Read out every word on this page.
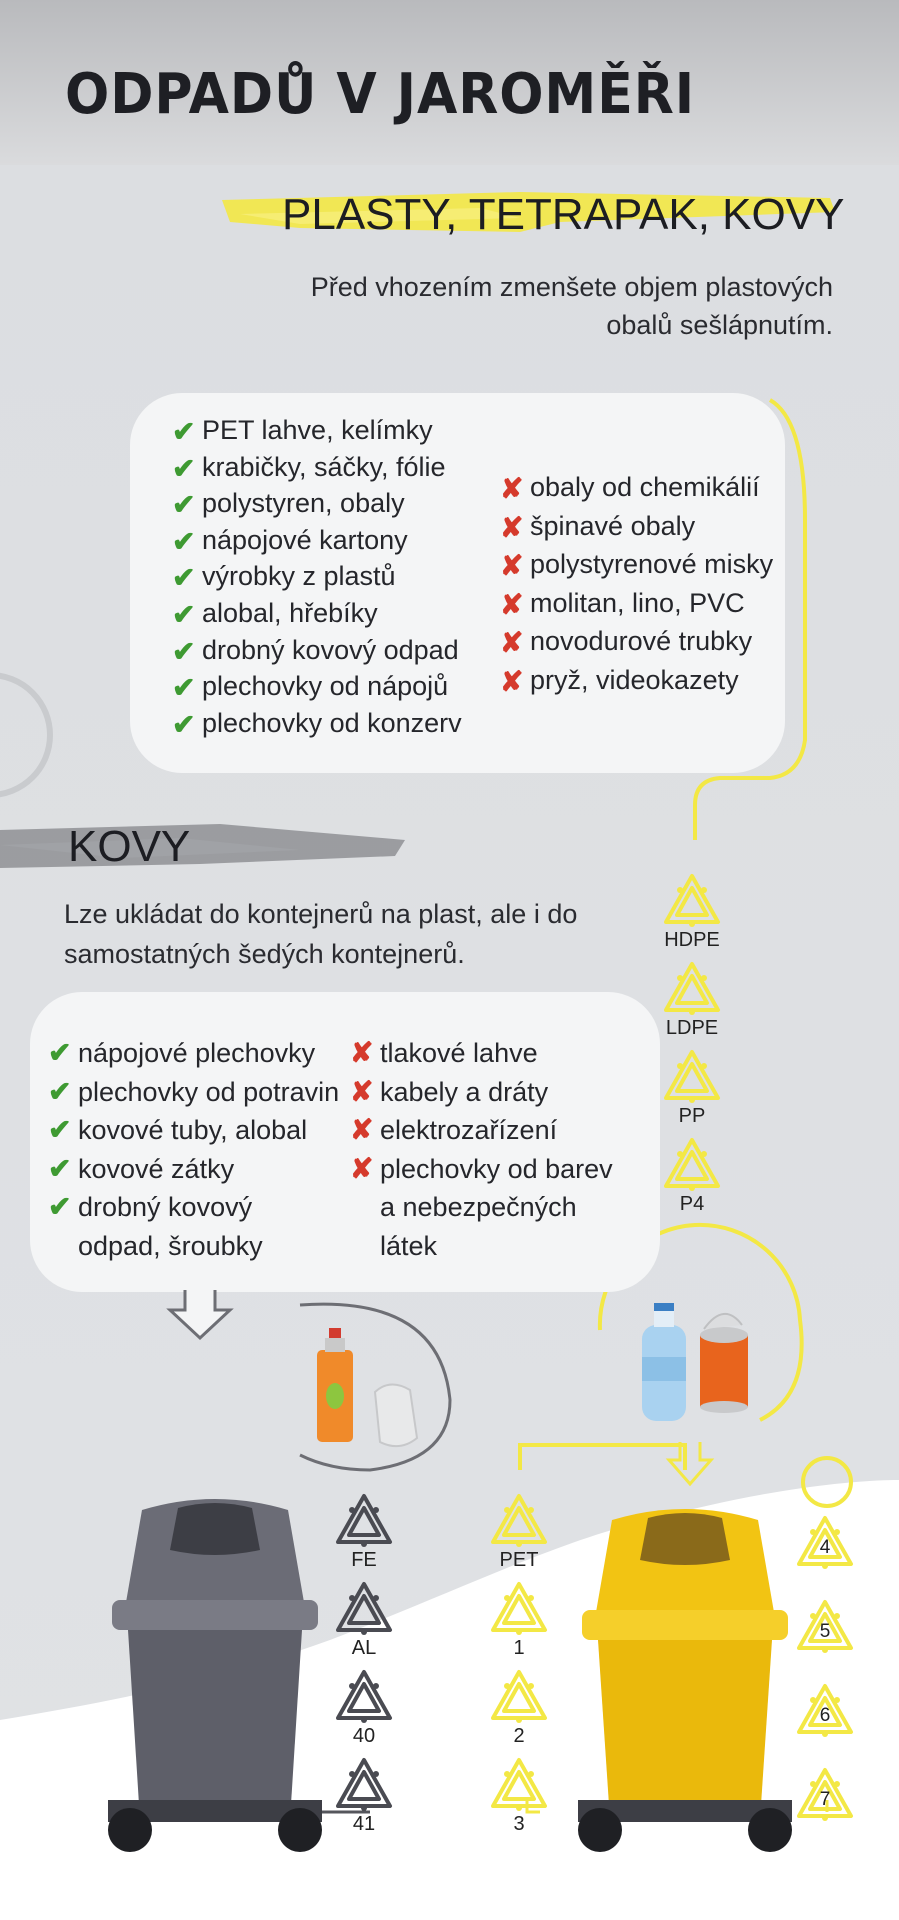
ODPADŮ V JAROMĚŘI
PLASTY, TETRAPAK, KOVY
Před vhozením zmenšete objem plastových
obalů sešlápnutím.
✔ PET lahve, kelímky
✔ krabičky, sáčky, fólie
✔ polystyren, obaly
✔ nápojové kartony
✔ výrobky z plastů
✔ alobal, hřebíky
✔ drobný kovový odpad
✔ plechovky od nápojů
✔ plechovky od konzerv
✘ obaly od chemikálií
✘ špinavé obaly
✘ polystyrenové misky
✘ molitan, lino, PVC
✘ novodurové trubky
✘ pryž, videokazety
KOVY
Lze ukládat do kontejnerů na plast, ale i do
samostatných šedých kontejnerů.
✔ nápojové plechovky
✔ plechovky od potravin
✔ kovové tuby, alobal
✔ kovové zátky
✔ drobný kovový
odpad, šroubky
✘ tlakové lahve
✘ kabely a dráty
✘ elektrozařízení
✘ plechovky od barev
a nebezpečných
látek
HDPE
LDPE
PP
P4
FE
AL
40
41
PET
1
2
3
4
5
6
7
